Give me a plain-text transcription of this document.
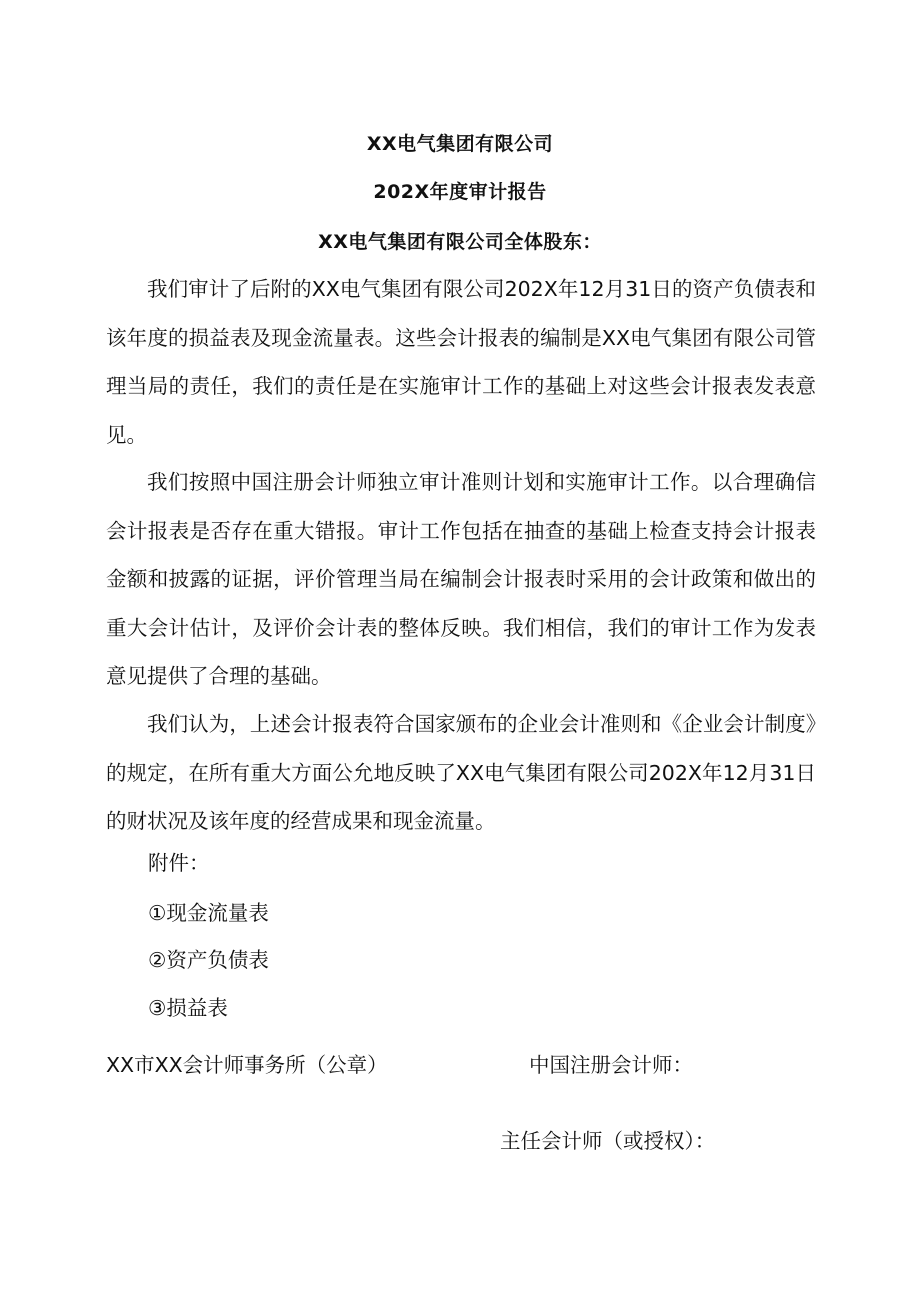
XX电气集团有限公司
202X年度审计报告
XX电气集团有限公司全体股东：

我们审计了后附的XX电气集团有限公司202X年12月31日的资产负债表和该年度的损益表及现金流量表。这些会计报表的编制是XX电气集团有限公司管理当局的责任，我们的责任是在实施审计工作的基础上对这些会计报表发表意见。

我们按照中国注册会计师独立审计准则计划和实施审计工作。以合理确信会计报表是否存在重大错报。审计工作包括在抽查的基础上检查支持会计报表金额和披露的证据，评价管理当局在编制会计报表时采用的会计政策和做出的重大会计估计，及评价会计表的整体反映。我们相信，我们的审计工作为发表意见提供了合理的基础。

我们认为，上述会计报表符合国家颁布的企业会计准则和《企业会计制度》的规定，在所有重大方面公允地反映了XX电气集团有限公司202X年12月31日的财状况及该年度的经营成果和现金流量。

附件：
①现金流量表
②资产负债表
③损益表
XX市XX会计师事务所（公章）	中国注册会计师：
主任会计师（或授权）：
